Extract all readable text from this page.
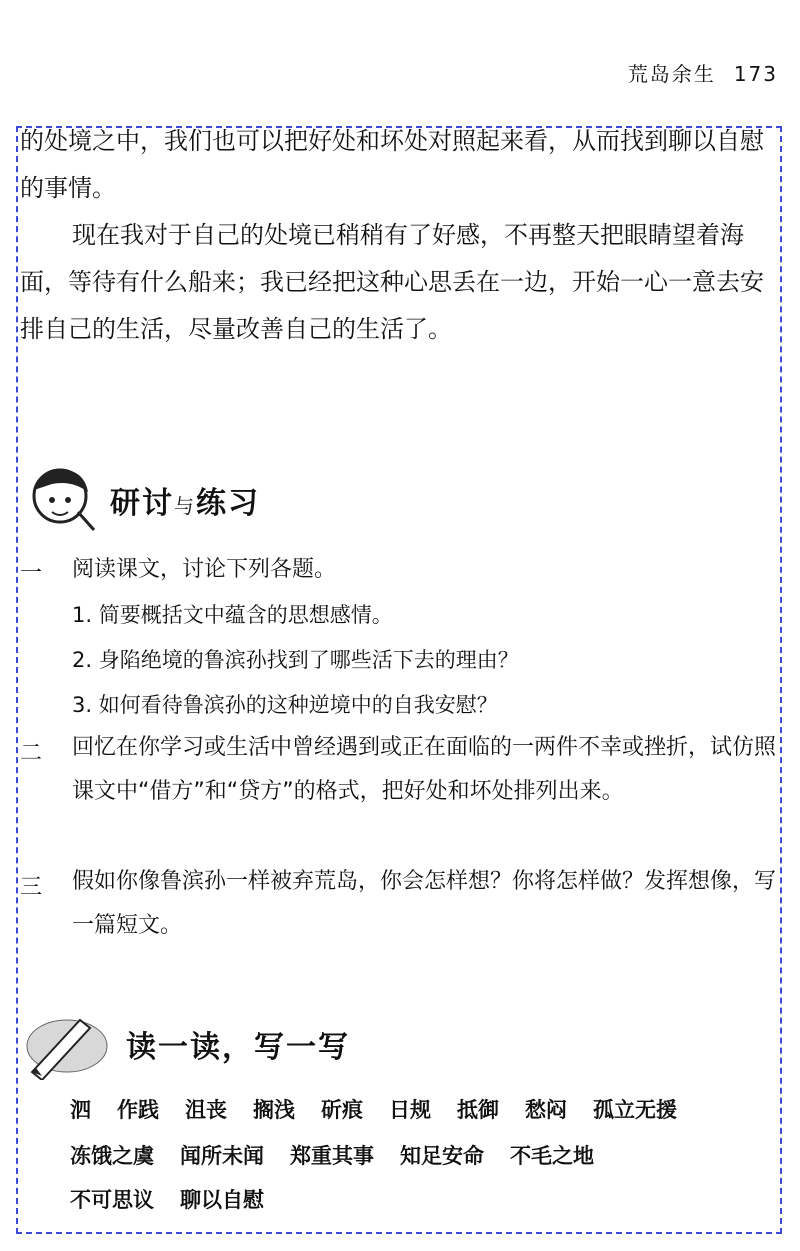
荒岛余生 173

的处境之中，我们也可以把好处和坏处对照起来看，从而找到聊以自慰的事情。

现在我对于自己的处境已稍稍有了好感，不再整天把眼睛望着海面，等待有什么船来；我已经把这种心思丢在一边，开始一心一意去安排自己的生活，尽量改善自己的生活了。

研讨与练习
一 阅读课文，讨论下列各题。

1. 简要概括文中蕴含的思想感情。
2. 身陷绝境的鲁滨孙找到了哪些活下去的理由？
3. 如何看待鲁滨孙的这种逆境中的自我安慰？
二 回忆在你学习或生活中曾经遇到或正在面临的一两件不幸或挫折，试仿照课文中“借方”和“贷方”的格式，把好处和坏处排列出来。

三 假如你像鲁滨孙一样被弃荒岛，你会怎样想？你将怎样做？发挥想像，写一篇短文。

读一读，写一写
泗 作践 沮丧 搁浅 斫痕 日规 抵御 愁闷 孤立无援
冻饿之虞 闻所未闻 郑重其事 知足安命 不毛之地
不可思议 聊以自慰
